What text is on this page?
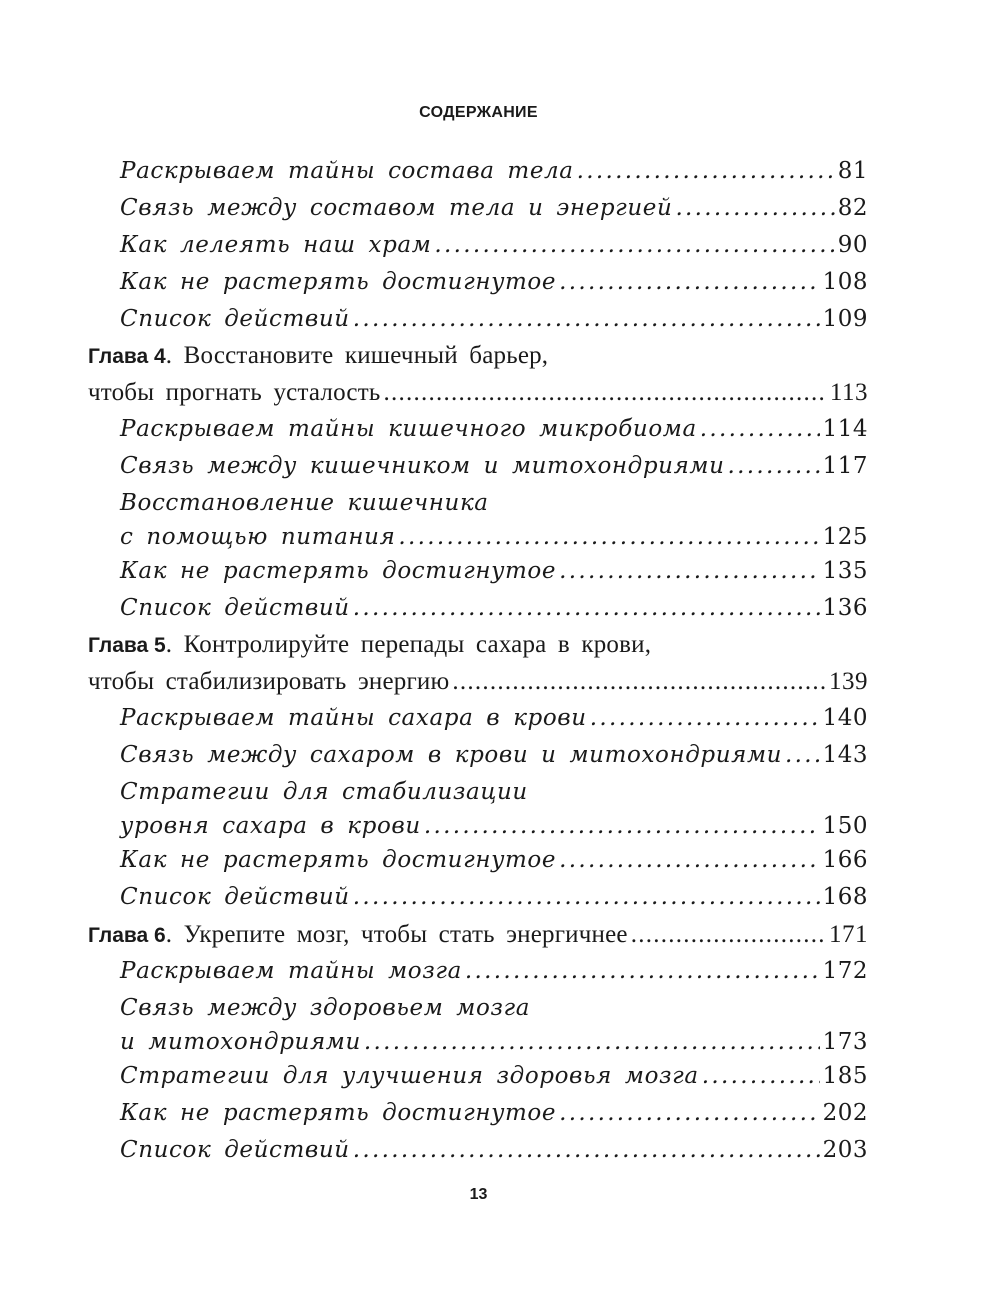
СОДЕРЖАНИЕ
Раскрываем тайны состава тела . . .	81
Связь между составом тела и энергией . . .	82
Как лелеять наш храм . . .	90
Как не растерять достигнутое . . .	108
Список действий . . .	109
Глава 4. Восстановите кишечный барьер,
чтобы прогнать усталость . . .	113
Раскрываем тайны кишечного микробиома . . .	114
Связь между кишечником и митохондриями . . .	117
Восстановление кишечника
с помощью питания . . .	125
Как не растерять достигнутое . . .	135
Список действий . . .	136
Глава 5. Контролируйте перепады сахара в крови,
чтобы стабилизировать энергию . . .	139
Раскрываем тайны сахара в крови . . .	140
Связь между сахаром в крови и митохондриями . . . 143
Стратегии для стабилизации
уровня сахара в крови . . .	150
Как не растерять достигнутое . . .	166
Список действий . . .	168
Глава 6. Укрепите мозг, чтобы стать энергичнее . . .	171
Раскрываем тайны мозга . . .	172
Связь между здоровьем мозга
и митохондриями . . .	173
Стратегии для улучшения здоровья мозга . . .	185
Как не растерять достигнутое . . .	202
Список действий . . .	203
13
